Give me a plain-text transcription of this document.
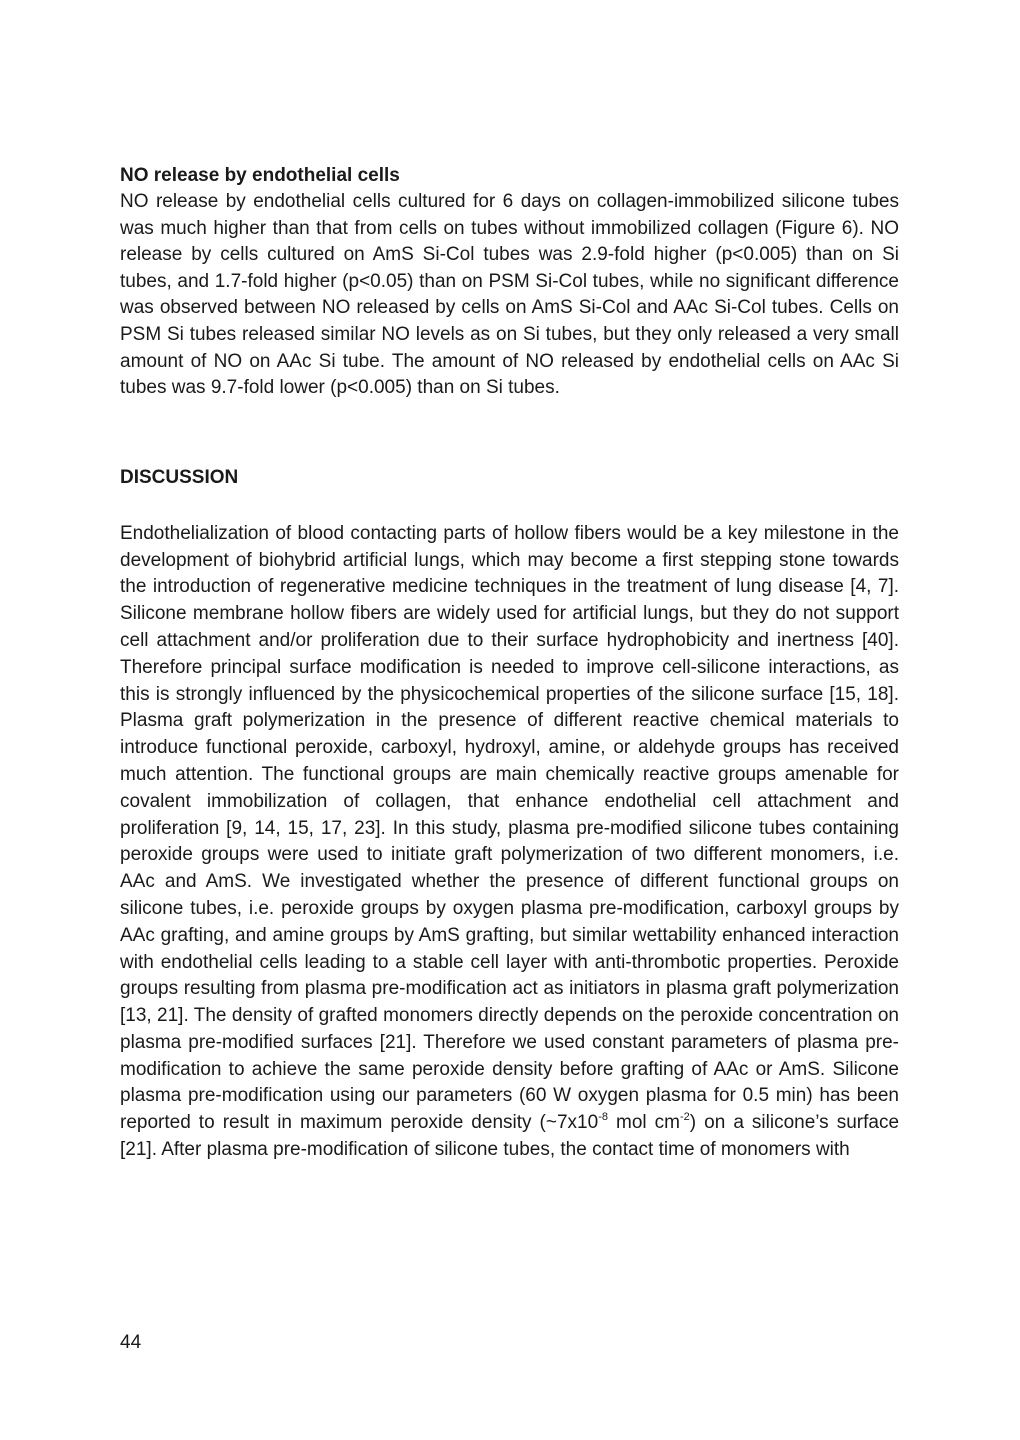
NO release by endothelial cells

NO release by endothelial cells cultured for 6 days on collagen-immobilized silicone tubes was much higher than that from cells on tubes without immobilized collagen (Figure 6). NO release by cells cultured on AmS Si-Col tubes was 2.9-fold higher (p<0.005) than on Si tubes, and 1.7-fold higher (p<0.05) than on PSM Si-Col tubes, while no significant difference was observed between NO released by cells on AmS Si-Col and AAc Si-Col tubes. Cells on PSM Si tubes released similar NO levels as on Si tubes, but they only released a very small amount of NO on AAc Si tube. The amount of NO released by endothelial cells on AAc Si tubes was 9.7-fold lower (p<0.005) than on Si tubes.

DISCUSSION

Endothelialization of blood contacting parts of hollow fibers would be a key milestone in the development of biohybrid artificial lungs, which may become a first stepping stone towards the introduction of regenerative medicine techniques in the treatment of lung disease [4, 7]. Silicone membrane hollow fibers are widely used for artificial lungs, but they do not support cell attachment and/or proliferation due to their surface hydrophobicity and inertness [40]. Therefore principal surface modification is needed to improve cell-silicone interactions, as this is strongly influenced by the physicochemical properties of the silicone surface [15, 18]. Plasma graft polymerization in the presence of different reactive chemical materials to introduce functional peroxide, carboxyl, hydroxyl, amine, or aldehyde groups has received much attention. The functional groups are main chemically reactive groups amenable for covalent immobilization of collagen, that enhance endothelial cell attachment and proliferation [9, 14, 15, 17, 23]. In this study, plasma pre-modified silicone tubes containing peroxide groups were used to initiate graft polymerization of two different monomers, i.e. AAc and AmS. We investigated whether the presence of different functional groups on silicone tubes, i.e. peroxide groups by oxygen plasma pre-modification, carboxyl groups by AAc grafting, and amine groups by AmS grafting, but similar wettability enhanced interaction with endothelial cells leading to a stable cell layer with anti-thrombotic properties. Peroxide groups resulting from plasma pre-modification act as initiators in plasma graft polymerization [13, 21]. The density of grafted monomers directly depends on the peroxide concentration on plasma pre-modified surfaces [21]. Therefore we used constant parameters of plasma pre-modification to achieve the same peroxide density before grafting of AAc or AmS. Silicone plasma pre-modification using our parameters (60 W oxygen plasma for 0.5 min) has been reported to result in maximum peroxide density ($\sim 7x10^{-8}$ mol $cm^{-2}$) on a silicone’s surface [21]. After plasma pre-modification of silicone tubes, the contact time of monomers with

44
